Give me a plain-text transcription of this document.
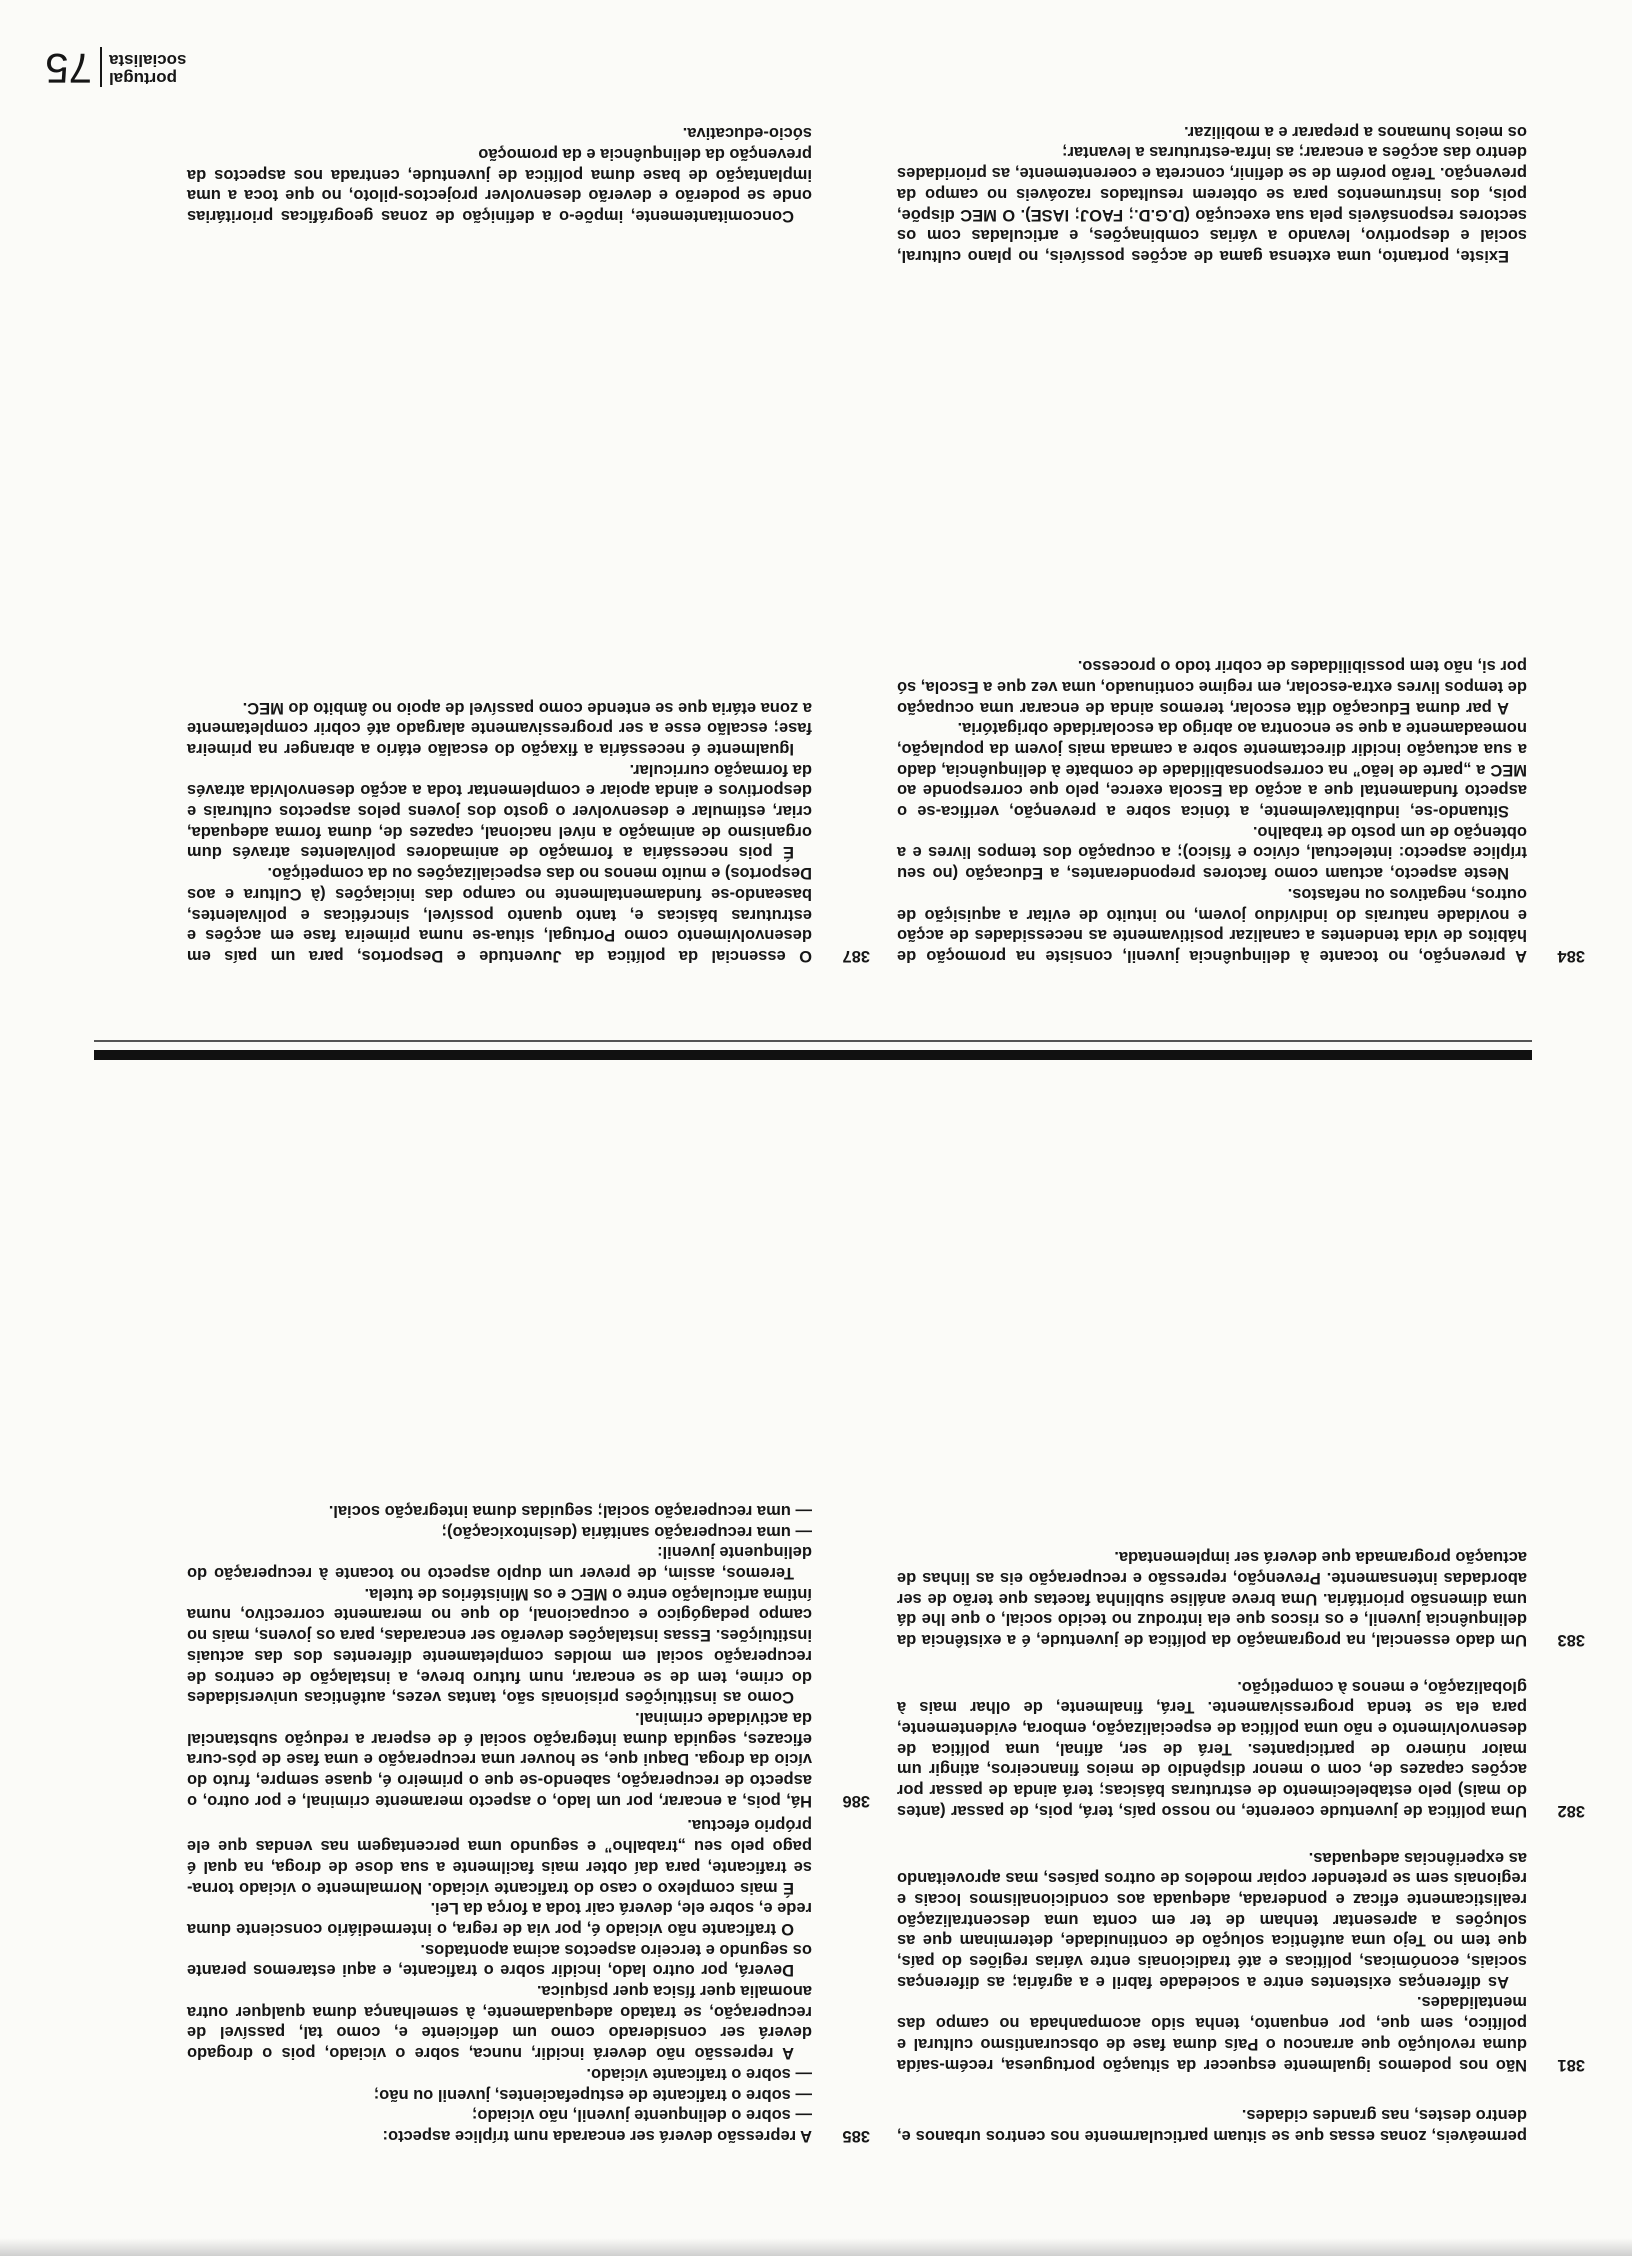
portugal
socialista
75

Concomitantemente, impõe-o a definição de zonas geográficas prioritárias onde se poderão e deverão desenvolver projectos-piloto, no que toca a uma implantação de base duma política de juventude, centrada nos aspectos da prevenção da delinquência e da promoção

sócio-educativa.

387

O essencial da política da Juventude e Desportos, para um país em desenvolvimento como Portugal, situa-se numa primeira fase em acções e estruturas básicas e, tanto quanto possível, sincréticas e polivalentes, baseando-se fundamentalmente no campo das iniciações (à Cultura e aos Desportos) e muito menos no das especializações ou da competição.

É pois necessária a formação de animadores polivalentes através dum organismo de animação a nível nacional, capazes de, duma forma adequada, criar, estimular e desenvolver o gosto dos jovens pelos aspectos culturais e desportivos e ainda apoiar e complementar toda a acção desenvolvida através da formação curricular.

Igualmente é necessária a fixação do escalão etário a abranger na primeira fase; escalão esse a ser progressivamente alargado até cobrir completamente a zona etária que se entende como passível de apoio no âmbito do MEC.

385

A repressão deverá ser encarada num tríplice aspecto:

— sobre o delinquente juvenil, não viciado;

— sobre o traficante de estupefacientes, juvenil ou não;

— sobre o traficante viciado.

A repressão não deverá incidir, nunca, sobre o viciado, pois o drogado deverá ser considerado como um deficiente e, como tal, passível de recuperação, se tratado adequadamente, à semelhança duma qualquer outra anomalia quer física quer psíquica.

Deverá, por outro lado, incidir sobre o traficante, e aqui estaremos perante os segundo e terceiro aspectos acima apontados.

O traficante não viciado é, por via de regra, o intermediário consciente duma rede e, sobre ele, deverá cair toda a força da Lei.

É mais complexo o caso do traficante viciado. Normalmente o viciado torna-se traficante, para daí obter mais facilmente a sua dose de droga, na qual é pago pelo seu „trabalho” e segundo uma percentagem nas vendas que ele próprio efectua.

386

Há, pois, a encarar, por um lado, o aspecto meramente criminal, e por outro, o aspecto de recuperação, sabendo-se que o primeiro é, quase sempre, fruto do vício da droga. Daqui que, se houver uma recuperação e uma fase de pós-cura eficazes, seguida duma integração social é de esperar a redução substancial da actividade criminal.

Como as instituições prisionais são, tantas vezes, autênticas universidades do crime, tem de se encarar, num futuro breve, a instalação de centros de recuperação social em moldes completamente diferentes dos das actuais instituições. Essas instalações deverão ser encaradas, para os jovens, mais no campo pedagógico e ocupacional, do que no meramente correctivo, numa íntima articulação entre o MEC e os Ministérios de tutela.

Teremos, assim, de prever um duplo aspecto no tocante à recuperação do delinquente juvenil:

— uma recuperação sanitária (desintoxicação);

— uma recuperação social; seguidas duma integração social.

Existe, portanto, uma extensa gama de acções possíveis, no plano cultural, social e desportivo, levando a várias combinações, e articuladas com os sectores responsáveis pela sua execução (D.G.D.; FAOJ; IASE). O MEC dispõe, pois, dos instrumentos para se obterem resultados razoáveis no campo da prevenção. Terão porém de se definir, concreta e coerentemente, as prioridades dentro das acções a encarar; as infra-estruturas a levantar;

os meios humanos a preparar e a mobilizar.

384

A prevenção, no tocante à delinquência juvenil, consiste na promoção de hábitos de vida tendentes a canalizar positivamente as necessidades de acção e novidade naturais do indivíduo jovem, no intuito de evitar a aquisição de outros, negativos ou nefastos.

Neste aspecto, actuam como factores preponderantes, a Educação (no seu tríplice aspecto: intelectual, cívico e físico); a ocupação dos tempos livres e a obtenção de um posto de trabalho.

Situando-se, indubitavelmente, a tónica sobre a prevenção, verifica-se o aspecto fundamental que a acção da Escola exerce, pelo que corresponde ao MEC a „parte de leão” na corresponsabilidade de combate à delinquência, dado a sua actuação incidir directamente sobre a camada mais jovem da população, nomeadamente a que se encontra ao abrigo da escolaridade obrigatória.

A par duma Educação dita escolar, teremos ainda de encarar uma ocupação de tempos livres extra-escolar, em regime continuado, uma vez que a Escola, só por si, não tem possibilidades de cobrir todo o processo.

permeáveis, zonas essas que se situam particularmente nos centros urbanos e, dentro destes, nas grandes cidades.

381

Não nos podemos igualmente esquecer da situação portuguesa, recém-saída duma revolução que arrancou o País duma fase de obscurantismo cultural e político, sem que, por enquanto, tenha sido acompanhada no campo das mentalidades.

As diferenças existentes entre a sociedade fabril e a agrária; as diferenças sociais, económicas, políticas e até tradicionais entre várias regiões do país, que tem no Tejo uma autêntica solução de continuidade, determinam que as soluções a apresentar tenham de ter em conta uma descentralização realisticamente eficaz e ponderada, adequada aos condicionalismos locais e regionais sem se pretender copiar modelos de outros países, mas aproveitando as experiências adequadas.

382

Uma política de juventude coerente, no nosso país, terá, pois, de passar (antes do mais) pelo estabelecimento de estruturas básicas; terá ainda de passar por acções capazes de, com o menor dispêndio de meios financeiros, atingir um maior número de participantes. Terá de ser, afinal, uma política de desenvolvimento e não uma política de especialização, embora, evidentemente, para ela se tenda progressivamente. Terá, finalmente, de olhar mais à globalização, e menos à competição.

383

Um dado essencial, na programação da política de juventude, é a existência da delinquência juvenil, e os riscos que ela introduz no tecido social, o que lhe dá uma dimensão prioritária. Uma breve análise sublinha facetas que terão de ser abordadas intensamente. Prevenção, repressão e recuperação eis as linhas de actuação programada que deverá ser implementada.
